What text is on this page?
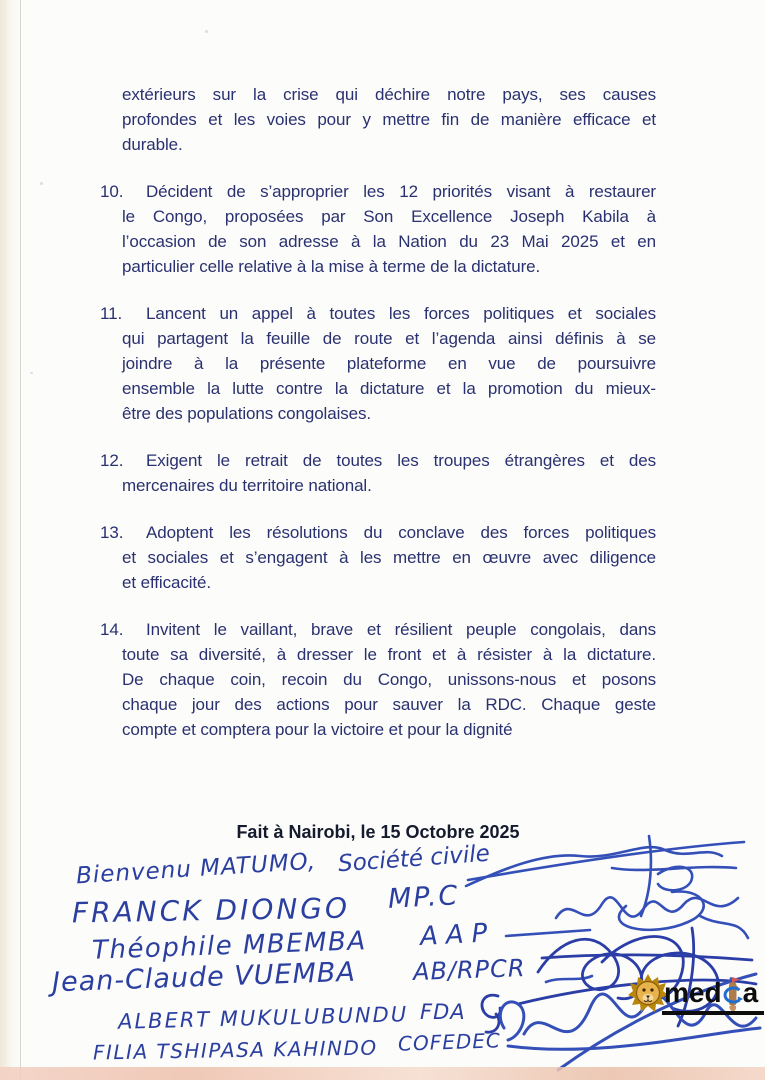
extérieurs sur la crise qui déchire notre pays, ses causes
profondes et les voies pour y mettre fin de manière efficace et
durable.
10.	Décident de s’approprier les 12 priorités visant à restaurer
le Congo, proposées par Son Excellence Joseph Kabila à
l’occasion de son adresse à la Nation du 23 Mai 2025 et en
particulier celle relative à la mise à terme de la dictature.
11.	Lancent un appel à toutes les forces politiques et sociales
qui partagent la feuille de route et l’agenda ainsi définis à se
joindre à la présente plateforme en vue de poursuivre
ensemble la lutte contre la dictature et la promotion du mieux-
être des populations congolaises.
12.	Exigent le retrait de toutes les troupes étrangères et des
mercenaires du territoire national.
13.	Adoptent les résolutions du conclave des forces politiques
et sociales et s’engagent à les mettre en œuvre avec diligence
et efficacité.
14.	Invitent le vaillant, brave et résilient peuple congolais, dans
toute sa diversité, à dresser le front et à résister à la dictature.
De chaque coin, recoin du Congo, unissons-nous et posons
chaque jour des actions pour sauver la RDC. Chaque geste
compte et comptera pour la victoire et pour la dignité
Fait à Nairobi, le 15 Octobre 2025
Bienvenu MATUMO, Société civile
FRANCK DIONGO MP.C
Théophile MBEMBA AAP
Jean-Claude VUEMBA AB/RPCR
ALBERT MUKULUBUNDU FDA
FILIA TSHIPASA KAHINDO COFEDEC
med a
